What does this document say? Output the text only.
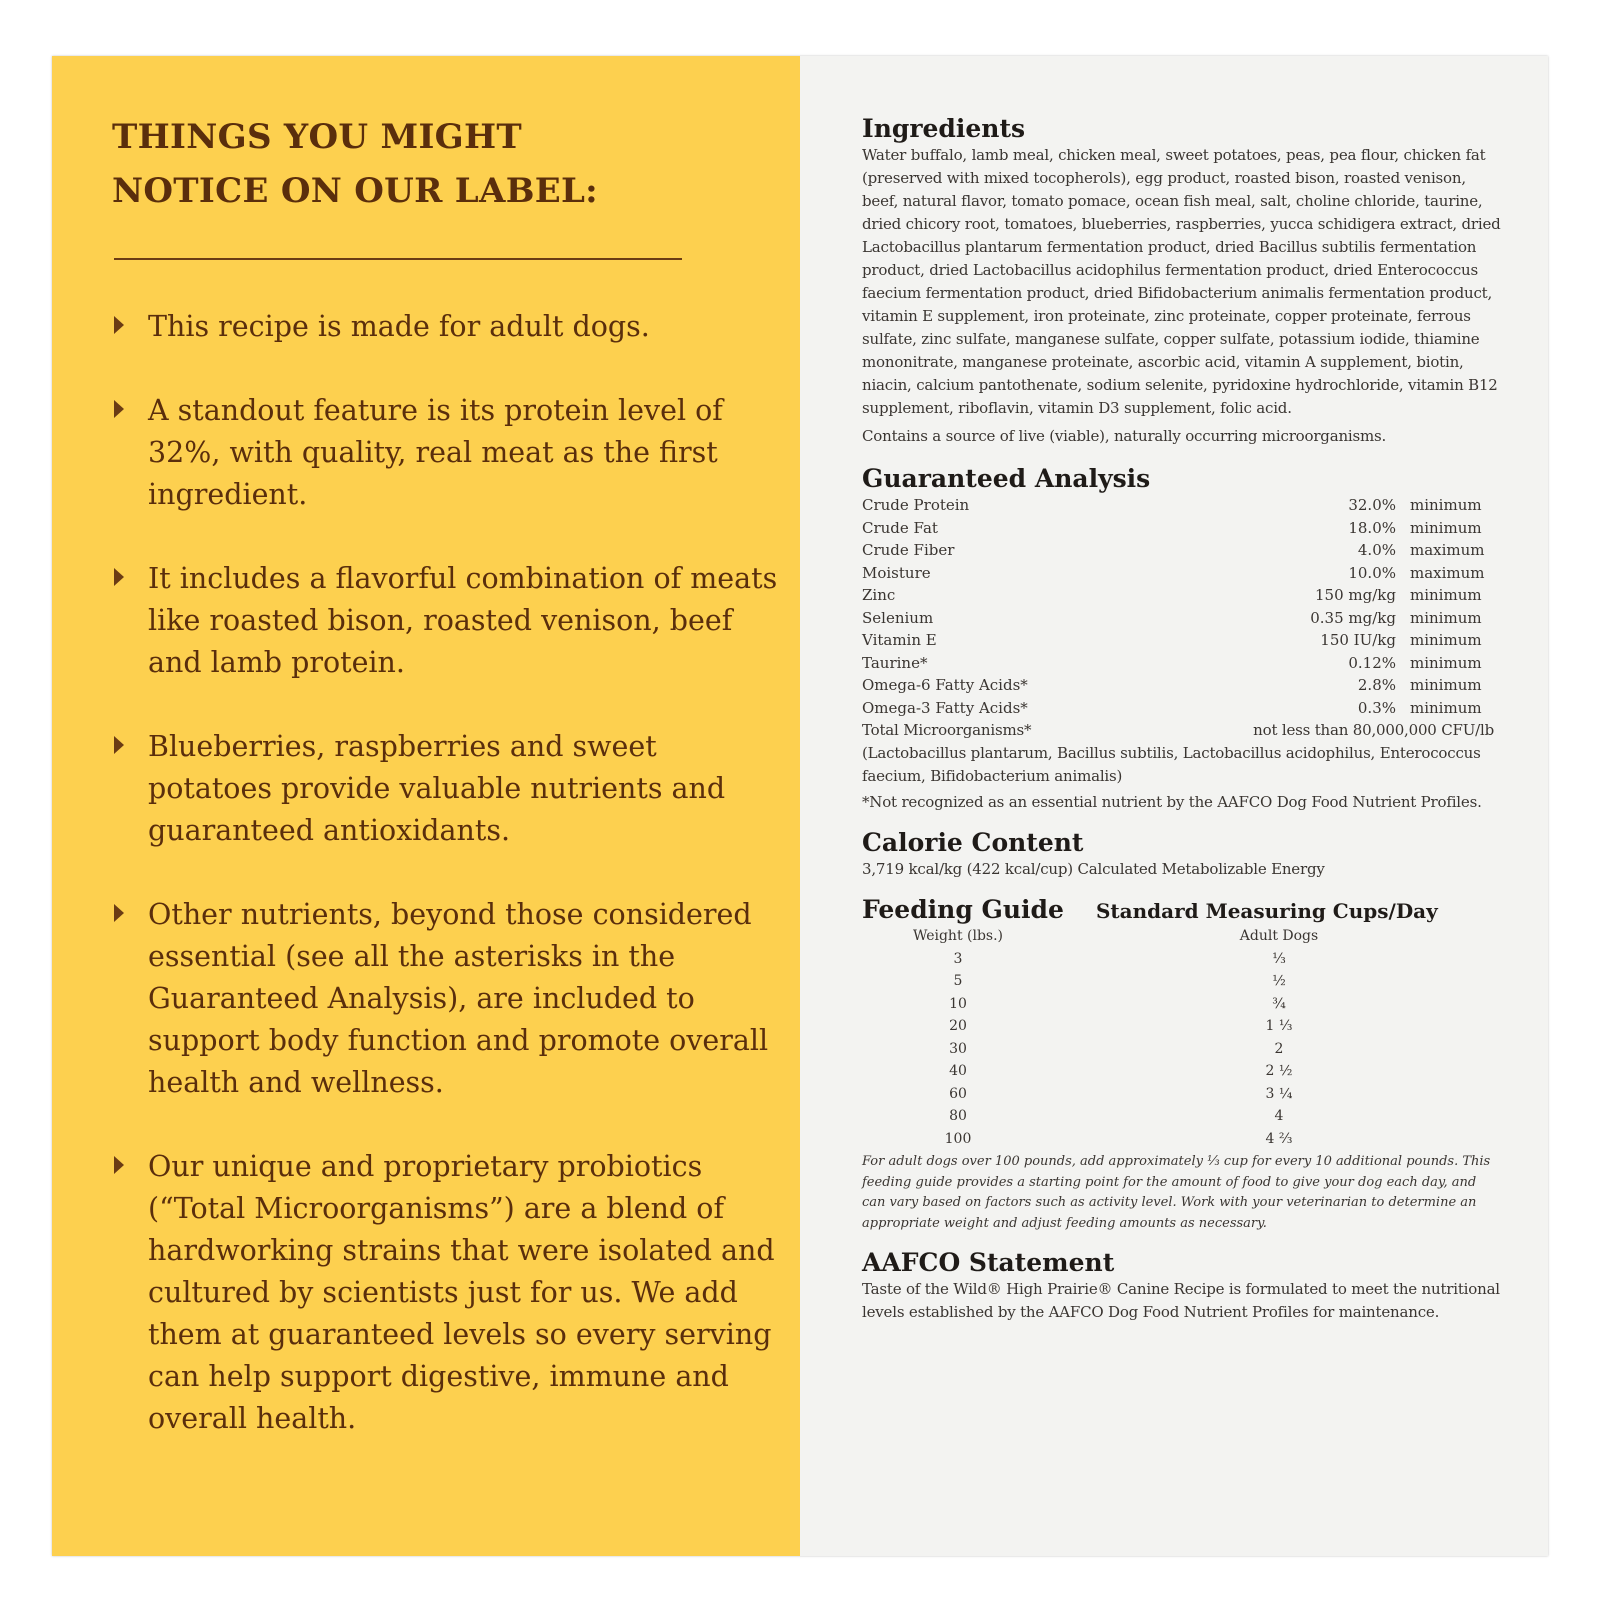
THINGS YOU MIGHT
NOTICE ON OUR LABEL:
This recipe is made for adult dogs.
A standout feature is its protein level of 32%, with quality, real meat as the first ingredient.
It includes a flavorful combination of meats like roasted bison, roasted venison, beef and lamb protein.
Blueberries, raspberries and sweet potatoes provide valuable nutrients and guaranteed antioxidants.
Other nutrients, beyond those considered essential (see all the asterisks in the Guaranteed Analysis), are included to support body function and promote overall health and wellness.
Our unique and proprietary probiotics (“Total Microorganisms”) are a blend of hardworking strains that were isolated and cultured by scientists just for us. We add them at guaranteed levels so every serving can help support digestive, immune and overall health.
Ingredients

Water buffalo, lamb meal, chicken meal, sweet potatoes, peas, pea flour, chicken fat (preserved with mixed tocopherols), egg product, roasted bison, roasted venison, beef, natural flavor, tomato pomace, ocean fish meal, salt, choline chloride, taurine, dried chicory root, tomatoes, blueberries, raspberries, yucca schidigera extract, dried Lactobacillus plantarum fermentation product, dried Bacillus subtilis fermentation product, dried Lactobacillus acidophilus fermentation product, dried Enterococcus faecium fermentation product, dried Bifidobacterium animalis fermentation product, vitamin E supplement, iron proteinate, zinc proteinate, copper proteinate, ferrous sulfate, zinc sulfate, manganese sulfate, copper sulfate, potassium iodide, thiamine mononitrate, manganese proteinate, ascorbic acid, vitamin A supplement, biotin, niacin, calcium pantothenate, sodium selenite, pyridoxine hydrochloride, vitamin B12 supplement, riboflavin, vitamin D3 supplement, folic acid.

Contains a source of live (viable), naturally occurring microorganisms.

Guaranteed Analysis
Crude Protein	32.0%	minimum
Crude Fat	18.0%	minimum
Crude Fiber	4.0%	maximum
Moisture	10.0%	maximum
Zinc	150 mg/kg	minimum
Selenium	0.35 mg/kg	minimum
Vitamin E	150 IU/kg	minimum
Taurine*	0.12%	minimum
Omega-6 Fatty Acids*	2.8%	minimum
Omega-3 Fatty Acids*	0.3%	minimum
Total Microorganisms*	not less than 80,000,000 CFU/lb

(Lactobacillus plantarum, Bacillus subtilis, Lactobacillus acidophilus, Enterococcus faecium, Bifidobacterium animalis)

*Not recognized as an essential nutrient by the AAFCO Dog Food Nutrient Profiles.

Calorie Content

3,719 kcal/kg (422 kcal/cup) Calculated Metabolizable Energy

Feeding Guide Standard Measuring Cups/Day
Weight (lbs.)		Adult Dogs
3		⅓
5		½
10		¾
20		1 ⅓
30		2
40		2 ½
60		3 ¼
80		4
100		4 ⅔

For adult dogs over 100 pounds, add approximately ⅓ cup for every 10 additional pounds. This feeding guide provides a starting point for the amount of food to give your dog each day, and can vary based on factors such as activity level. Work with your veterinarian to determine an appropriate weight and adjust feeding amounts as necessary.

AAFCO Statement

Taste of the Wild® High Prairie® Canine Recipe is formulated to meet the nutritional levels established by the AAFCO Dog Food Nutrient Profiles for maintenance.
